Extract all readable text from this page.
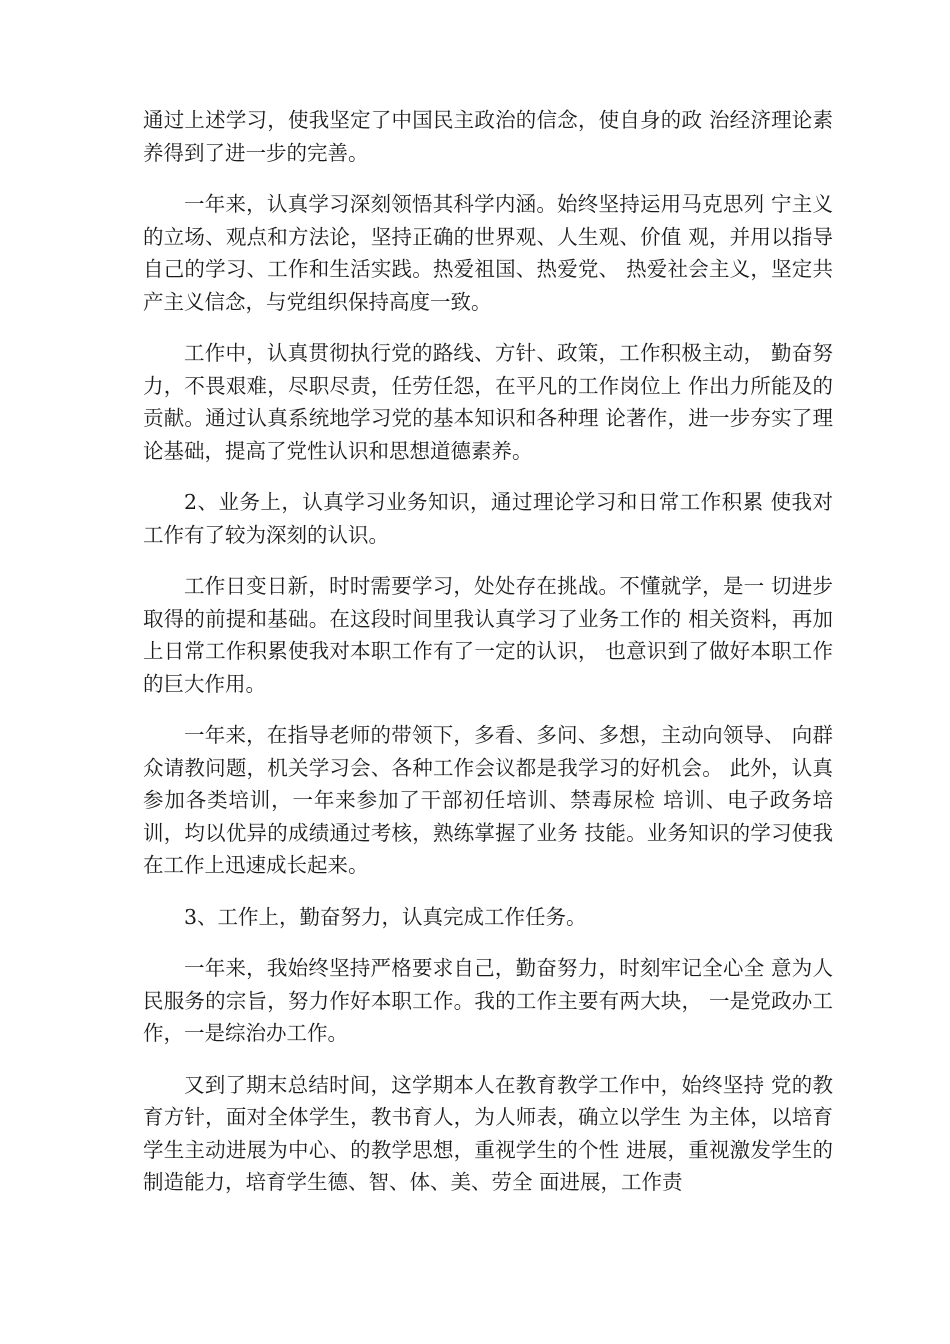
通过上述学习，使我坚定了中国民主政治的信念，使自身的政 治经济理论素养得到了进一步的完善。

一年来，认真学习深刻领悟其科学内涵。始终坚持运用马克思列 宁主义的立场、观点和方法论，坚持正确的世界观、人生观、价值 观，并用以指导自己的学习、工作和生活实践。热爱祖国、热爱党、 热爱社会主义，坚定共产主义信念，与党组织保持高度一致。

工作中，认真贯彻执行党的路线、方针、政策，工作积极主动， 勤奋努力，不畏艰难，尽职尽责，任劳任怨，在平凡的工作岗位上 作出力所能及的贡献。通过认真系统地学习党的基本知识和各种理 论著作，进一步夯实了理论基础，提高了党性认识和思想道德素养。

2、业务上，认真学习业务知识，通过理论学习和日常工作积累 使我对工作有了较为深刻的认识。

工作日变日新，时时需要学习，处处存在挑战。不懂就学，是一 切进步取得的前提和基础。在这段时间里我认真学习了业务工作的 相关资料，再加上日常工作积累使我对本职工作有了一定的认识， 也意识到了做好本职工作的巨大作用。

一年来，在指导老师的带领下，多看、多问、多想，主动向领导、 向群众请教问题，机关学习会、各种工作会议都是我学习的好机会。 此外，认真参加各类培训，一年来参加了干部初任培训、禁毒尿检 培训、电子政务培训，均以优异的成绩通过考核，熟练掌握了业务 技能。业务知识的学习使我在工作上迅速成长起来。

3、工作上，勤奋努力，认真完成工作任务。

一年来，我始终坚持严格要求自己，勤奋努力，时刻牢记全心全 意为人民服务的宗旨，努力作好本职工作。我的工作主要有两大块， 一是党政办工作，一是综治办工作。

又到了期末总结时间，这学期本人在教育教学工作中，始终坚持 党的教育方针，面对全体学生，教书育人，为人师表，确立以学生 为主体，以培育学生主动进展为中心、的教学思想，重视学生的个性 进展，重视激发学生的制造能力，培育学生德、智、体、美、劳全 面进展，工作责
